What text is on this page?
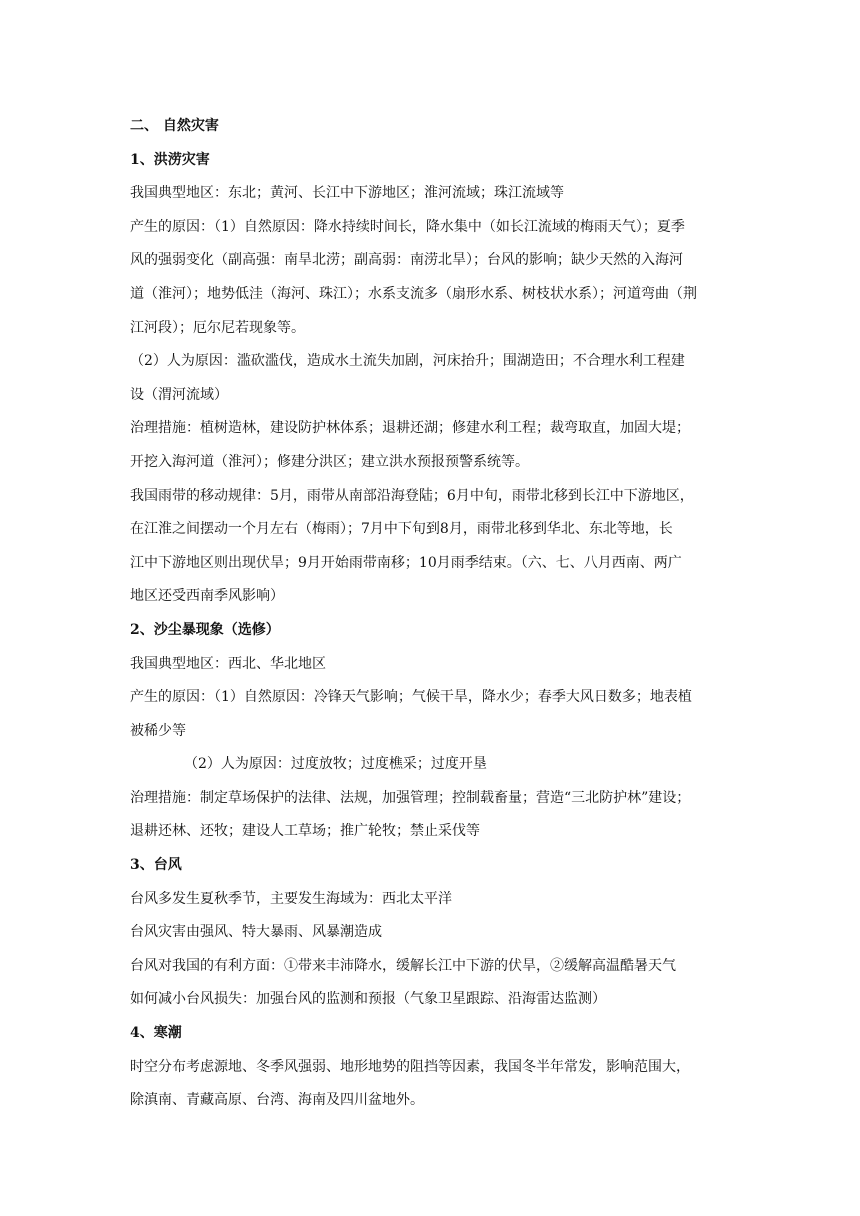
二、 自然灾害

1、洪涝灾害

我国典型地区：东北；黄河、长江中下游地区；淮河流域；珠江流域等

产生的原因：（1）自然原因：降水持续时间长，降水集中（如长江流域的梅雨天气）；夏季

风的强弱变化（副高强：南旱北涝；副高弱：南涝北旱）；台风的影响；缺少天然的入海河

道（淮河）；地势低洼（海河、珠江）；水系支流多（扇形水系、树枝状水系）；河道弯曲（荆

江河段）；厄尔尼若现象等。

（2）人为原因：滥砍滥伐，造成水土流失加剧，河床抬升；围湖造田；不合理水利工程建

设（渭河流域）

治理措施：植树造林，建设防护林体系；退耕还湖；修建水利工程；裁弯取直，加固大堤；

开挖入海河道（淮河）；修建分洪区；建立洪水预报预警系统等。

我国雨带的移动规律：5月，雨带从南部沿海登陆；6月中旬，雨带北移到长江中下游地区，

在江淮之间摆动一个月左右（梅雨）；7月中下旬到8月，雨带北移到华北、东北等地，长

江中下游地区则出现伏旱；9月开始雨带南移；10月雨季结束。（六、七、八月西南、两广

地区还受西南季风影响）

2、沙尘暴现象（选修）

我国典型地区：西北、华北地区

产生的原因：（1）自然原因：冷锋天气影响；气候干旱，降水少；春季大风日数多；地表植

被稀少等

（2）人为原因：过度放牧；过度樵采；过度开垦

治理措施：制定草场保护的法律、法规，加强管理；控制载畜量；营造“三北防护林”建设；

退耕还林、还牧；建设人工草场；推广轮牧；禁止采伐等

3、台风

台风多发生夏秋季节，主要发生海域为：西北太平洋

台风灾害由强风、特大暴雨、风暴潮造成

台风对我国的有利方面：①带来丰沛降水，缓解长江中下游的伏旱，②缓解高温酷暑天气

如何减小台风损失：加强台风的监测和预报（气象卫星跟踪、沿海雷达监测）

4、寒潮

时空分布考虑源地、冬季风强弱、地形地势的阻挡等因素，我国冬半年常发，影响范围大，

除滇南、青藏高原、台湾、海南及四川盆地外。
